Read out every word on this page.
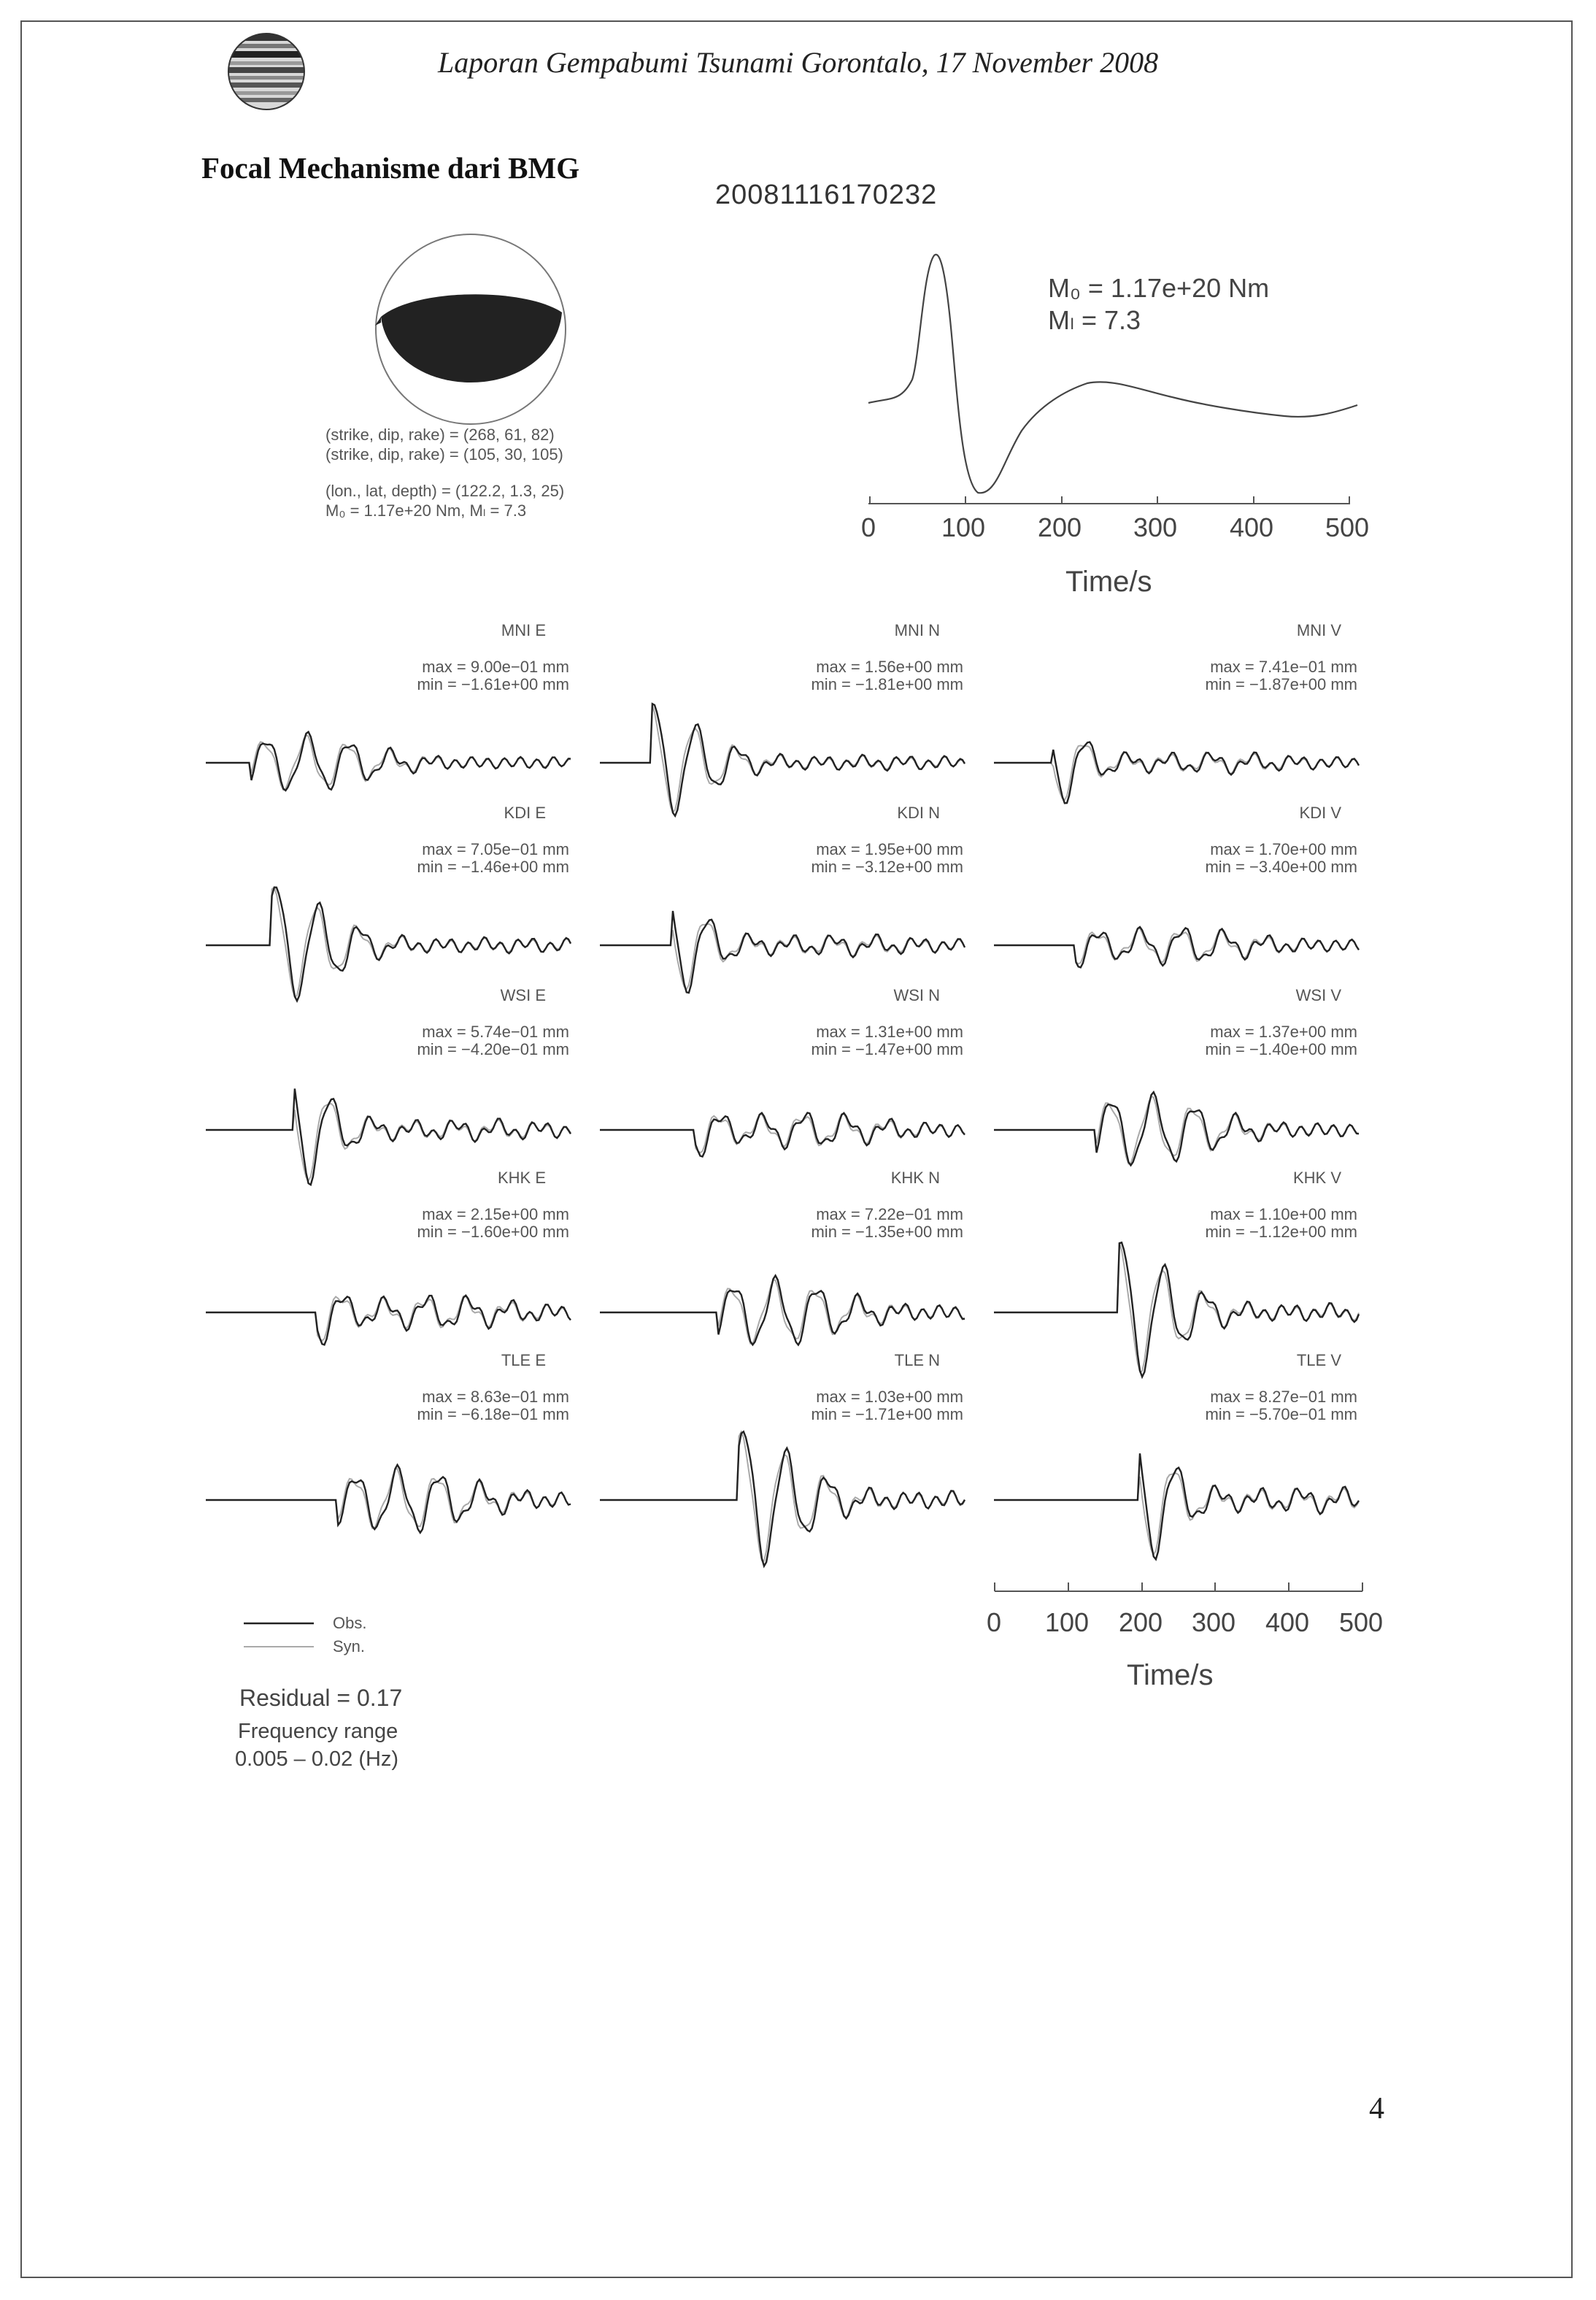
Laporan Gempabumi Tsunami Gorontalo, 17 November 2008
Focal Mechanisme dari BMG
20081116170232
(strike, dip, rake) = (268, 61, 82)
(strike, dip, rake) = (105, 30, 105)
(lon., lat, depth) = (122.2, 1.3, 25)
M₀ = 1.17e+20 Nm, Mₗ = 7.3
M₀ = 1.17e+20 Nm
Mₗ = 7.3
0 100 200 300 400 500
Time/s
MNI E
max = 9.00e−01 mm
min = −1.61e+00 mm
MNI N
max = 1.56e+00 mm
min = −1.81e+00 mm
MNI V
max = 7.41e−01 mm
min = −1.87e+00 mm
KDI E
max = 7.05e−01 mm
min = −1.46e+00 mm
KDI N
max = 1.95e+00 mm
min = −3.12e+00 mm
KDI V
max = 1.70e+00 mm
min = −3.40e+00 mm
WSI E
max = 5.74e−01 mm
min = −4.20e−01 mm
WSI N
max = 1.31e+00 mm
min = −1.47e+00 mm
WSI V
max = 1.37e+00 mm
min = −1.40e+00 mm
KHK E
max = 2.15e+00 mm
min = −1.60e+00 mm
KHK N
max = 7.22e−01 mm
min = −1.35e+00 mm
KHK V
max = 1.10e+00 mm
min = −1.12e+00 mm
TLE E
max = 8.63e−01 mm
min = −6.18e−01 mm
TLE N
max = 1.03e+00 mm
min = −1.71e+00 mm
TLE V
max = 8.27e−01 mm
min = −5.70e−01 mm
0 100 200 300 400 500
Time/s
Obs.
Syn.
Residual = 0.17
Frequency range
0.005 – 0.02 (Hz)
4
